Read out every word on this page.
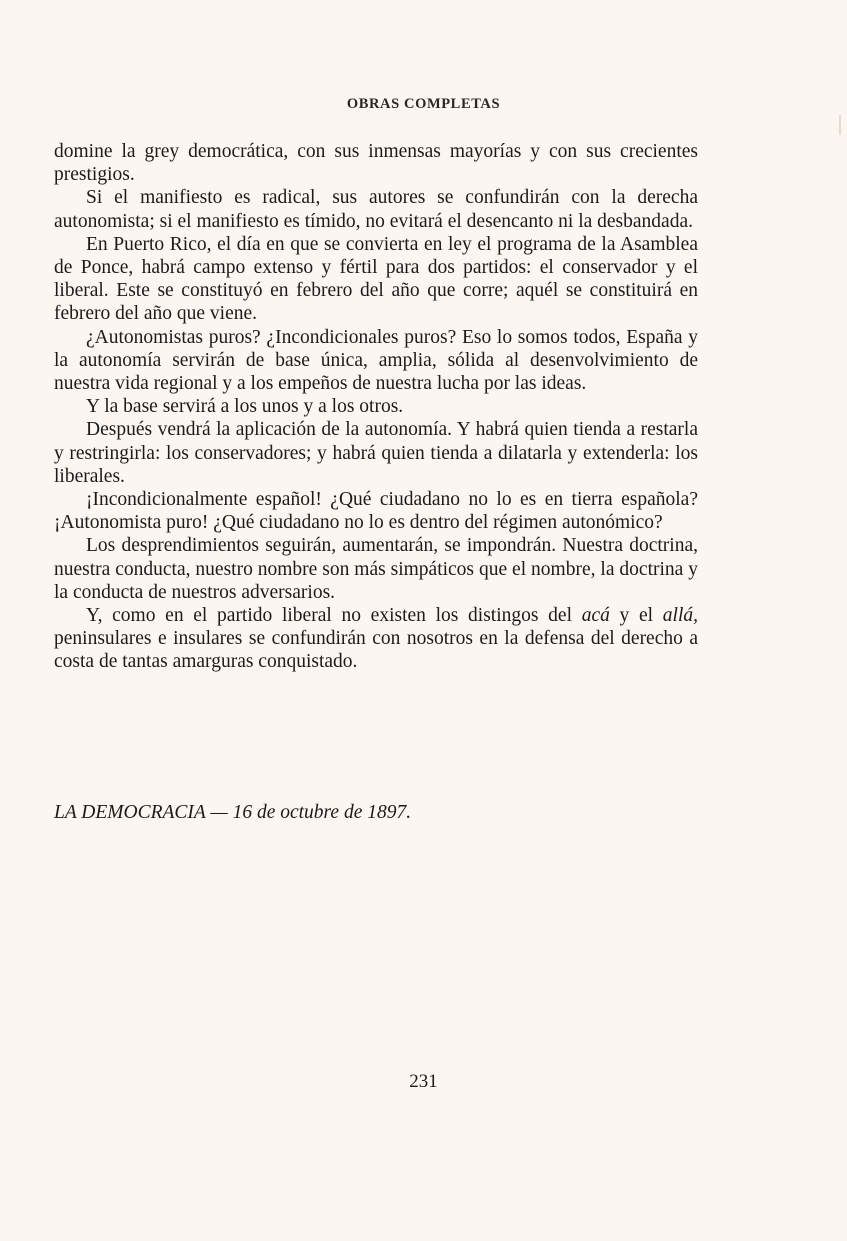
OBRAS COMPLETAS

domine la grey democrática, con sus inmensas mayorías y con sus crecientes prestigios.

Si el manifiesto es radical, sus autores se confundirán con la derecha autonomista; si el manifiesto es tímido, no evitará el desencanto ni la desbandada.

En Puerto Rico, el día en que se convierta en ley el programa de la Asamblea de Ponce, habrá campo extenso y fértil para dos partidos: el conservador y el liberal. Este se constituyó en febrero del año que corre; aquél se constituirá en febrero del año que viene.

¿Autonomistas puros? ¿Incondicionales puros? Eso lo somos todos, España y la autonomía servirán de base única, amplia, sólida al desenvolvimiento de nuestra vida regional y a los empeños de nuestra lucha por las ideas.

Y la base servirá a los unos y a los otros.

Después vendrá la aplicación de la autonomía. Y habrá quien tienda a restarla y restringirla: los conservadores; y habrá quien tienda a dilatarla y extenderla: los liberales.

¡Incondicionalmente español! ¿Qué ciudadano no lo es en tierra española? ¡Autonomista puro! ¿Qué ciudadano no lo es dentro del régimen autonómico?

Los desprendimientos seguirán, aumentarán, se impondrán. Nuestra doctrina, nuestra conducta, nuestro nombre son más simpáticos que el nombre, la doctrina y la conducta de nuestros adversarios.

Y, como en el partido liberal no existen los distingos del acá y el allá, peninsulares e insulares se confundirán con nosotros en la defensa del derecho a costa de tantas amarguras conquistado.

LA DEMOCRACIA — 16 de octubre de 1897.
231
